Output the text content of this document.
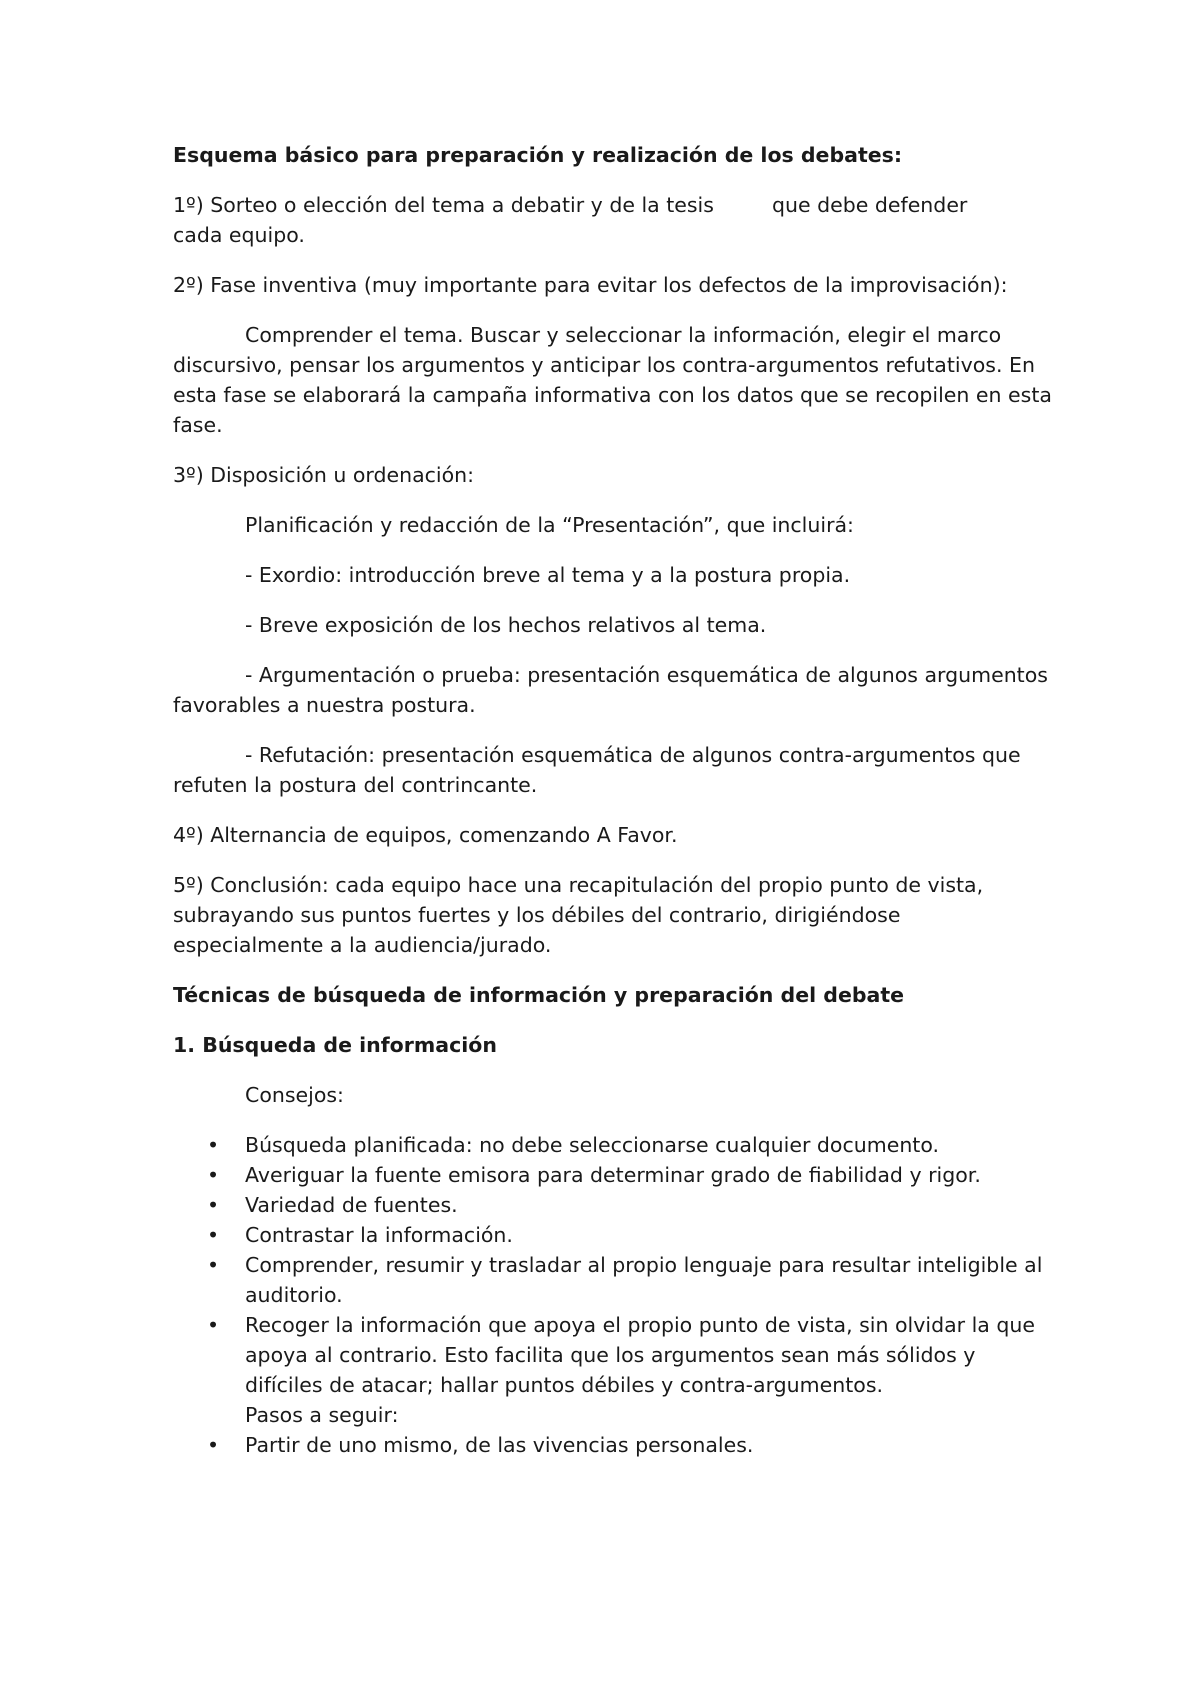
Esquema básico para preparación y realización de los debates:
1º) Sorteo o elección del tema a debatir y de la tesis	que debe defender
cada equipo.
2º) Fase inventiva (muy importante para evitar los defectos de la improvisación):
Comprender el tema. Buscar y seleccionar la información, elegir el marco discursivo, pensar los argumentos y anticipar los contra-argumentos refutativos. En esta fase se elaborará la campaña informativa con los datos que se recopilen en esta fase.
3º) Disposición u ordenación:
Planificación y redacción de la “Presentación”, que incluirá:
- Exordio: introducción breve al tema y a la postura propia.
- Breve exposición de los hechos relativos al tema.
- Argumentación o prueba: presentación esquemática de algunos argumentos favorables a nuestra postura.
- Refutación: presentación esquemática de algunos contra-argumentos que refuten la postura del contrincante.
4º) Alternancia de equipos, comenzando A Favor.
5º) Conclusión: cada equipo hace una recapitulación del propio punto de vista, subrayando sus puntos fuertes y los débiles del contrario, dirigiéndose especialmente a la audiencia/jurado.
Técnicas de búsqueda de información y preparación del debate
1. Búsqueda de información
Consejos:
• Búsqueda planificada: no debe seleccionarse cualquier documento.
• Averiguar la fuente emisora para determinar grado de fiabilidad y rigor.
• Variedad de fuentes.
• Contrastar la información.
• Comprender, resumir y trasladar al propio lenguaje para resultar inteligible al auditorio.
• Recoger la información que apoya el propio punto de vista, sin olvidar la que apoya al contrario. Esto facilita que los argumentos sean más sólidos y difíciles de atacar; hallar puntos débiles y contra-argumentos.
Pasos a seguir:
• Partir de uno mismo, de las vivencias personales.
